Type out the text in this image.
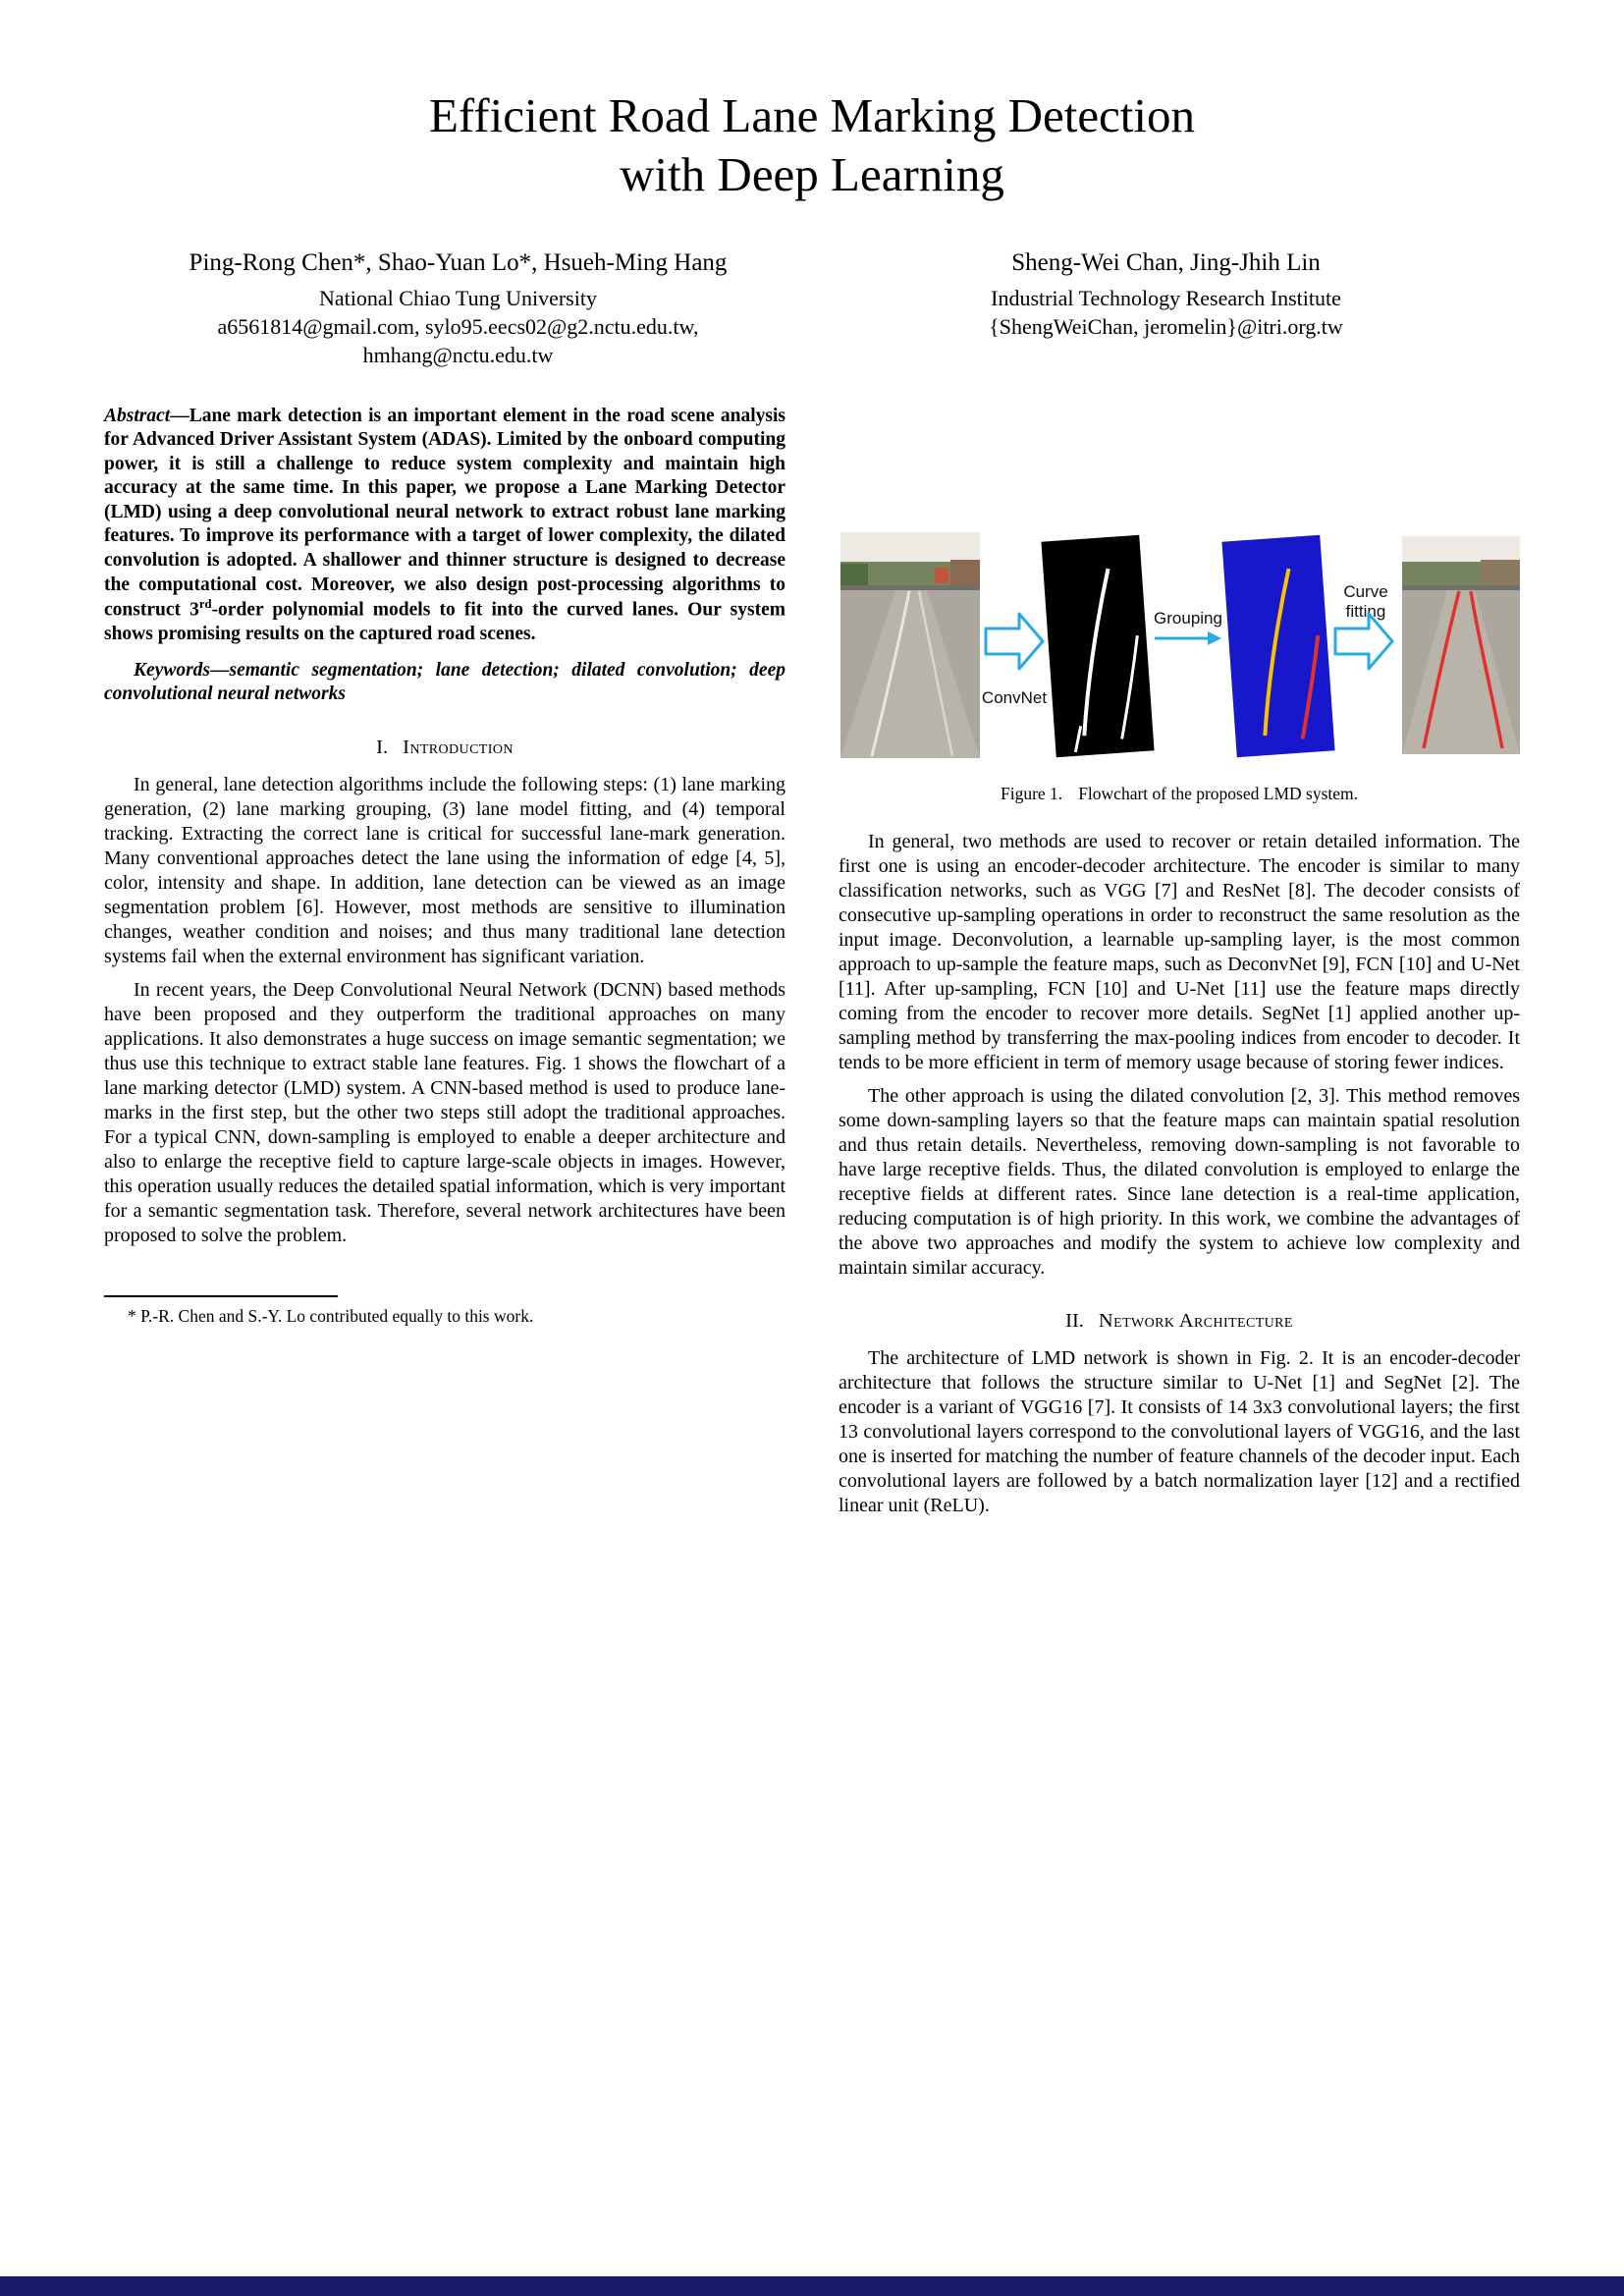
Efficient Road Lane Marking Detection
with Deep Learning
Ping-Rong Chen*, Shao-Yuan Lo*, Hsueh-Ming Hang
National Chiao Tung University
a6561814@gmail.com, sylo95.eecs02@g2.nctu.edu.tw,
hmhang@nctu.edu.tw
Sheng-Wei Chan, Jing-Jhih Lin
Industrial Technology Research Institute
{ShengWeiChan, jeromelin}@itri.org.tw

Abstract—Lane mark detection is an important element in the road scene analysis for Advanced Driver Assistant System (ADAS). Limited by the onboard computing power, it is still a challenge to reduce system complexity and maintain high accuracy at the same time. In this paper, we propose a Lane Marking Detector (LMD) using a deep convolutional neural network to extract robust lane marking features. To improve its performance with a target of lower complexity, the dilated convolution is adopted. A shallower and thinner structure is designed to decrease the computational cost. Moreover, we also design post-processing algorithms to construct 3rd-order polynomial models to fit into the curved lanes. Our system shows promising results on the captured road scenes.

Keywords—semantic segmentation; lane detection; dilated convolution; deep convolutional neural networks

I. Introduction

In general, lane detection algorithms include the following steps: (1) lane marking generation, (2) lane marking grouping, (3) lane model fitting, and (4) temporal tracking. Extracting the correct lane is critical for successful lane-mark generation. Many conventional approaches detect the lane using the information of edge [4, 5], color, intensity and shape. In addition, lane detection can be viewed as an image segmentation problem [6]. However, most methods are sensitive to illumination changes, weather condition and noises; and thus many traditional lane detection systems fail when the external environment has significant variation.

In recent years, the Deep Convolutional Neural Network (DCNN) based methods have been proposed and they outperform the traditional approaches on many applications. It also demonstrates a huge success on image semantic segmentation; we thus use this technique to extract stable lane features. Fig. 1 shows the flowchart of a lane marking detector (LMD) system. A CNN-based method is used to produce lane-marks in the first step, but the other two steps still adopt the traditional approaches. For a typical CNN, down-sampling is employed to enable a deeper architecture and also to enlarge the receptive field to capture large-scale objects in images. However, this operation usually reduces the detailed spatial information, which is very important for a semantic segmentation task. Therefore, several network architectures have been proposed to solve the problem.

* P.-R. Chen and S.-Y. Lo contributed equally to this work.

ConvNet
Grouping
Curve
fitting
Figure 1. Flowchart of the proposed LMD system.

In general, two methods are used to recover or retain detailed information. The first one is using an encoder-decoder architecture. The encoder is similar to many classification networks, such as VGG [7] and ResNet [8]. The decoder consists of consecutive up-sampling operations in order to reconstruct the same resolution as the input image. Deconvolution, a learnable up-sampling layer, is the most common approach to up-sample the feature maps, such as DeconvNet [9], FCN [10] and U-Net [11]. After up-sampling, FCN [10] and U-Net [11] use the feature maps directly coming from the encoder to recover more details. SegNet [1] applied another up-sampling method by transferring the max-pooling indices from encoder to decoder. It tends to be more efficient in term of memory usage because of storing fewer indices.

The other approach is using the dilated convolution [2, 3]. This method removes some down-sampling layers so that the feature maps can maintain spatial resolution and thus retain details. Nevertheless, removing down-sampling is not favorable to have large receptive fields. Thus, the dilated convolution is employed to enlarge the receptive fields at different rates. Since lane detection is a real-time application, reducing computation is of high priority. In this work, we combine the advantages of the above two approaches and modify the system to achieve low complexity and maintain similar accuracy.

II. Network Architecture

The architecture of LMD network is shown in Fig. 2. It is an encoder-decoder architecture that follows the structure similar to U-Net [1] and SegNet [2]. The encoder is a variant of VGG16 [7]. It consists of 14 3x3 convolutional layers; the first 13 convolutional layers correspond to the convolutional layers of VGG16, and the last one is inserted for matching the number of feature channels of the decoder input. Each convolutional layers are followed by a batch normalization layer [12] and a rectified linear unit (ReLU).
